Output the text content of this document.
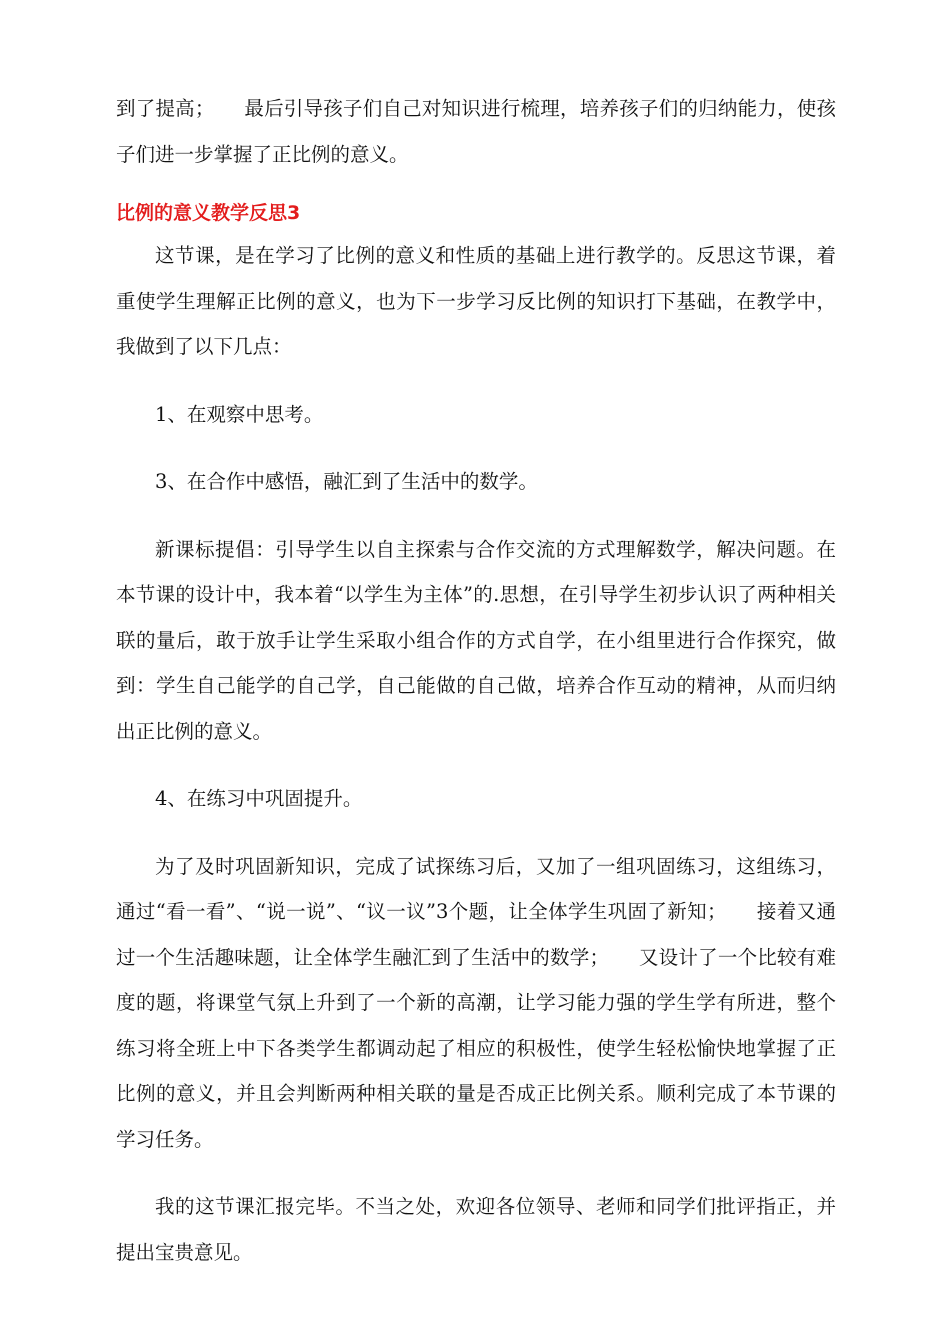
到了提高；　　最后引导孩子们自己对知识进行梳理，培养孩子们的归纳能力，使孩子们进一步掌握了正比例的意义。

比例的意义教学反思3

这节课，是在学习了比例的意义和性质的基础上进行教学的。反思这节课，着重使学生理解正比例的意义，也为下一步学习反比例的知识打下基础，在教学中，我做到了以下几点：

1、在观察中思考。

3、在合作中感悟，融汇到了生活中的数学。

新课标提倡：引导学生以自主探索与合作交流的方式理解数学，解决问题。在本节课的设计中，我本着“以学生为主体”的.思想，在引导学生初步认识了两种相关联的量后，敢于放手让学生采取小组合作的方式自学，在小组里进行合作探究，做到：学生自己能学的自己学，自己能做的自己做，培养合作互动的精神，从而归纳出正比例的意义。

4、在练习中巩固提升。

为了及时巩固新知识，完成了试探练习后，又加了一组巩固练习，这组练习，通过“看一看”、“说一说”、“议一议”3个题，让全体学生巩固了新知；　　接着又通过一个生活趣味题，让全体学生融汇到了生活中的数学；　　又设计了一个比较有难度的题，将课堂气氛上升到了一个新的高潮，让学习能力强的学生学有所进，整个练习将全班上中下各类学生都调动起了相应的积极性，使学生轻松愉快地掌握了正比例的意义，并且会判断两种相关联的量是否成正比例关系。顺利完成了本节课的学习任务。

我的这节课汇报完毕。不当之处，欢迎各位领导、老师和同学们批评指正，并提出宝贵意见。
